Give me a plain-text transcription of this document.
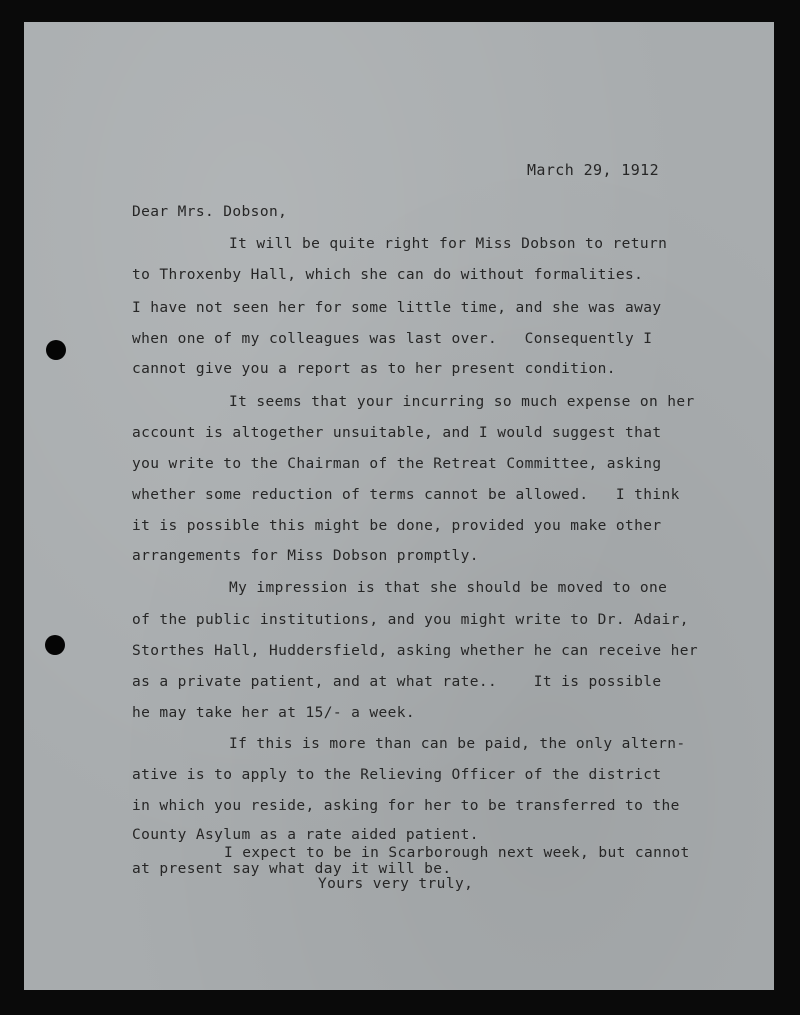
March 29, 1912

Dear Mrs. Dobson,

It will be quite right for Miss Dobson to return

to Throxenby Hall, which she can do without formalities.

I have not seen her for some little time, and she was away

when one of my colleagues was last over.   Consequently I

cannot give you a report as to her present condition.

It seems that your incurring so much expense on her

account is altogether unsuitable, and I would suggest that

you write to the Chairman of the Retreat Committee, asking

whether some reduction of terms cannot be allowed.   I think

it is possible this might be done, provided you make other

arrangements for Miss Dobson promptly.

My impression is that she should be moved to one

of the public institutions, and you might write to Dr. Adair,

Storthes Hall, Huddersfield, asking whether he can receive her

as a private patient, and at what rate..    It is possible

he may take her at 15/- a week.

If this is more than can be paid, the only altern-

ative is to apply to the Relieving Officer of the district

in which you reside, asking for her to be transferred to the

County Asylum as a rate aided patient.

I expect to be in Scarborough next week, but cannot

at present say what day it will be.

Yours very truly,
